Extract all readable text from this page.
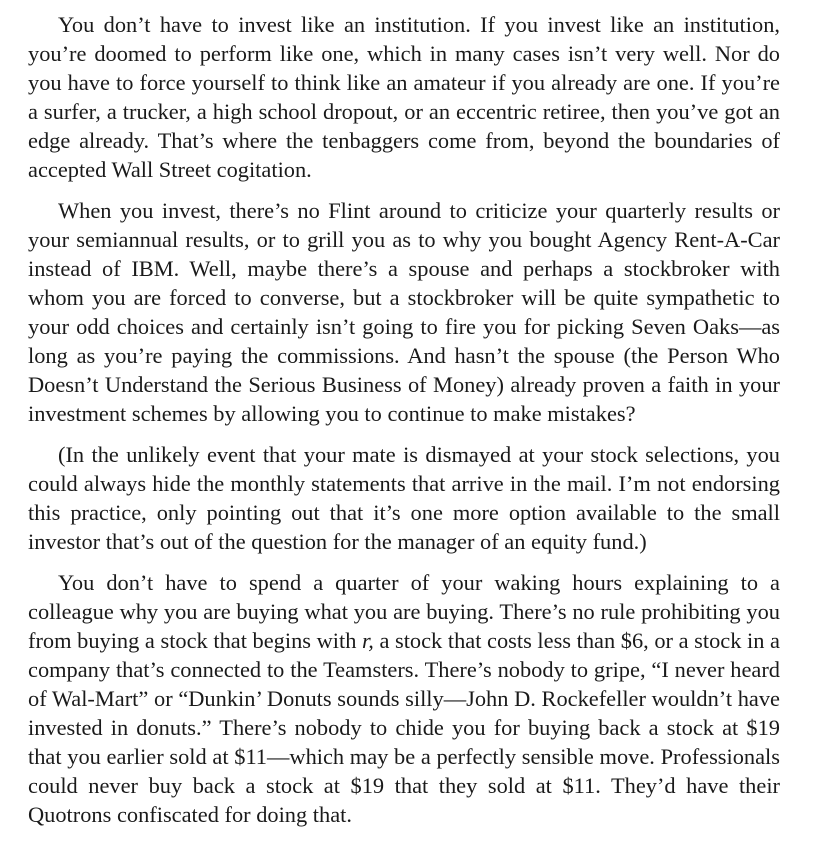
You don’t have to invest like an institution. If you invest like an institution, you’re doomed to perform like one, which in many cases isn’t very well. Nor do you have to force yourself to think like an amateur if you already are one. If you’re a surfer, a trucker, a high school dropout, or an eccentric retiree, then you’ve got an edge already. That’s where the tenbaggers come from, beyond the boundaries of accepted Wall Street cogitation.

When you invest, there’s no Flint around to criticize your quarterly results or your semiannual results, or to grill you as to why you bought Agency Rent-A-Car instead of IBM. Well, maybe there’s a spouse and perhaps a stockbroker with whom you are forced to converse, but a stockbroker will be quite sympathetic to your odd choices and certainly isn’t going to fire you for picking Seven Oaks—as long as you’re paying the commissions. And hasn’t the spouse (the Person Who Doesn’t Understand the Serious Business of Money) already proven a faith in your investment schemes by allowing you to continue to make mistakes?

(In the unlikely event that your mate is dismayed at your stock selections, you could always hide the monthly statements that arrive in the mail. I’m not endorsing this practice, only pointing out that it’s one more option available to the small investor that’s out of the question for the manager of an equity fund.)

You don’t have to spend a quarter of your waking hours explaining to a colleague why you are buying what you are buying. There’s no rule prohibiting you from buying a stock that begins with r, a stock that costs less than $6, or a stock in a company that’s connected to the Teamsters. There’s nobody to gripe, “I never heard of Wal-Mart” or “Dunkin’ Donuts sounds silly—John D. Rockefeller wouldn’t have invested in donuts.” There’s nobody to chide you for buying back a stock at $19 that you earlier sold at $11—which may be a perfectly sensible move. Professionals could never buy back a stock at $19 that they sold at $11. They’d have their Quotrons confiscated for doing that.
